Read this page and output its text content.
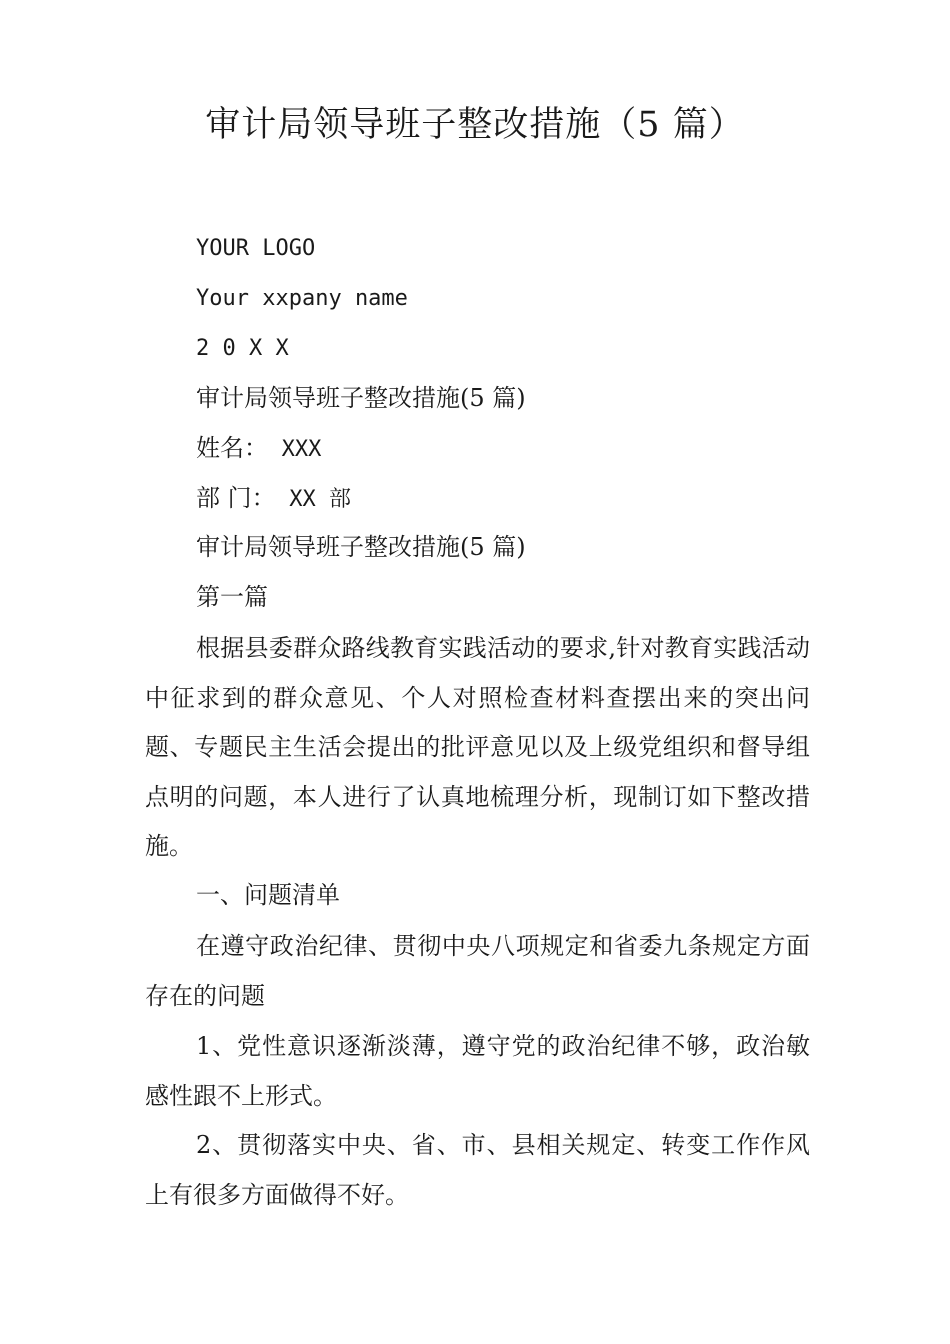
审计局领导班子整改措施（5 篇）
YOUR LOGO
Your xxpany name
2 0 X X
审计局领导班子整改措施(5 篇)
姓名： XXX
部 门： XX 部
审计局领导班子整改措施(5 篇)
第一篇
根据县委群众路线教育实践活动的要求,针对教育实践活动中征求到的群众意见、个人对照检查材料查摆出来的突出问题、专题民主生活会提出的批评意见以及上级党组织和督导组点明的问题，本人进行了认真地梳理分析，现制订如下整改措施。
一、问题清单
在遵守政治纪律、贯彻中央八项规定和省委九条规定方面存在的问题
1、党性意识逐渐淡薄，遵守党的政治纪律不够，政治敏感性跟不上形式。
2、贯彻落实中央、省、市、县相关规定、转变工作作风上有很多方面做得不好。
